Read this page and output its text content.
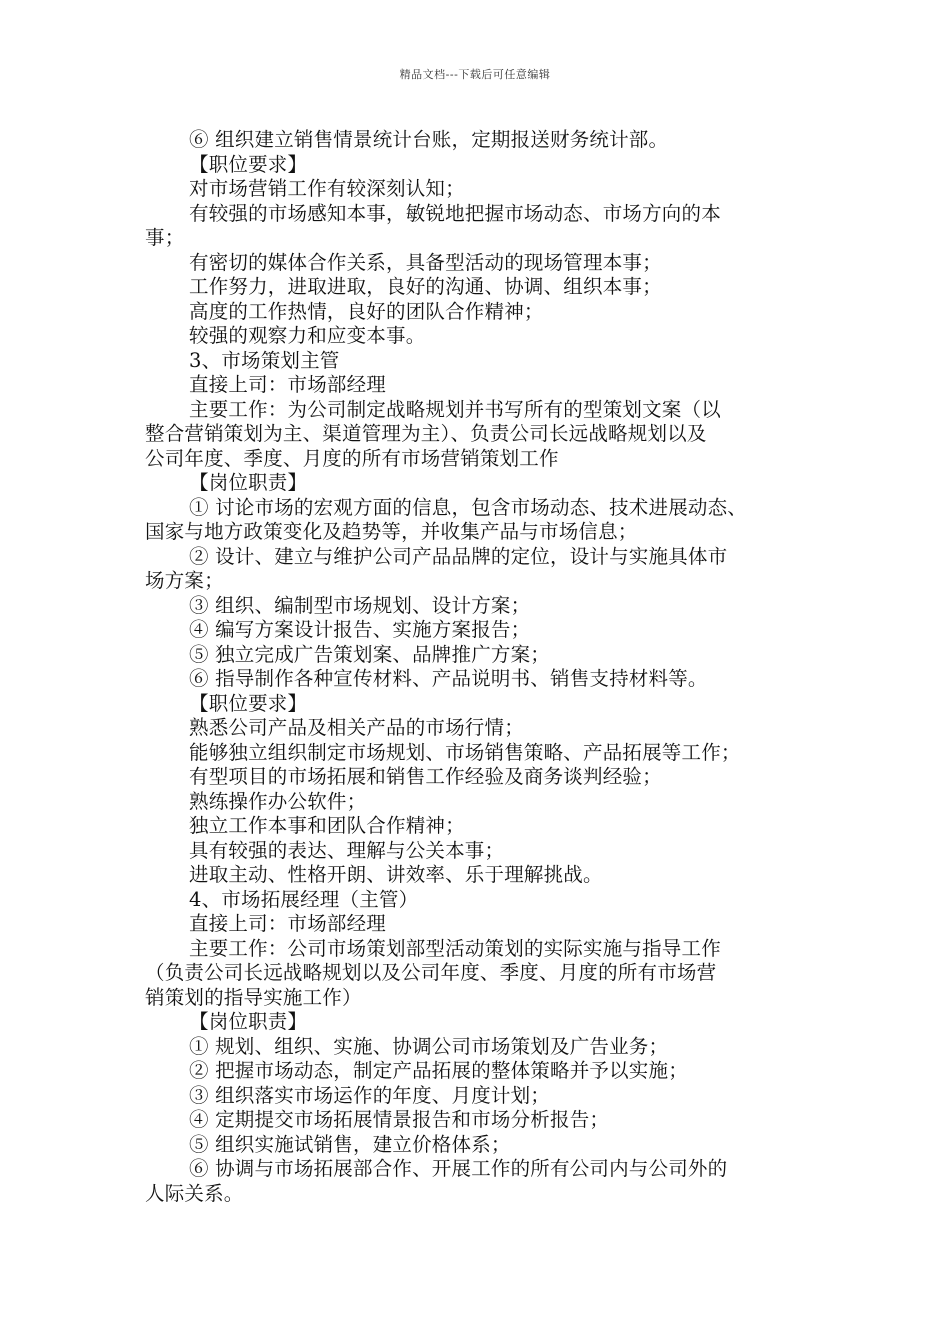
精品文档---下载后可任意编辑
⑥ 组织建立销售情景统计台账，定期报送财务统计部。
【职位要求】
对市场营销工作有较深刻认知；
有较强的市场感知本事，敏锐地把握市场动态、市场方向的本
事；
有密切的媒体合作关系，具备型活动的现场管理本事；
工作努力，进取进取，良好的沟通、协调、组织本事；
高度的工作热情，良好的团队合作精神；
较强的观察力和应变本事。
3、市场策划主管
直接上司：市场部经理
主要工作：为公司制定战略规划并书写所有的型策划文案（以
整合营销策划为主、渠道管理为主）、负责公司长远战略规划以及
公司年度、季度、月度的所有市场营销策划工作
【岗位职责】
① 讨论市场的宏观方面的信息，包含市场动态、技术进展动态、
国家与地方政策变化及趋势等，并收集产品与市场信息；
② 设计、建立与维护公司产品品牌的定位，设计与实施具体市
场方案；
③ 组织、编制型市场规划、设计方案；
④ 编写方案设计报告、实施方案报告；
⑤ 独立完成广告策划案、品牌推广方案；
⑥ 指导制作各种宣传材料、产品说明书、销售支持材料等。
【职位要求】
熟悉公司产品及相关产品的市场行情；
能够独立组织制定市场规划、市场销售策略、产品拓展等工作；
有型项目的市场拓展和销售工作经验及商务谈判经验；
熟练操作办公软件；
独立工作本事和团队合作精神；
具有较强的表达、理解与公关本事；
进取主动、性格开朗、讲效率、乐于理解挑战。
4、市场拓展经理（主管）
直接上司：市场部经理
主要工作：公司市场策划部型活动策划的实际实施与指导工作
（负责公司长远战略规划以及公司年度、季度、月度的所有市场营
销策划的指导实施工作）
【岗位职责】
① 规划、组织、实施、协调公司市场策划及广告业务；
② 把握市场动态，制定产品拓展的整体策略并予以实施；
③ 组织落实市场运作的年度、月度计划；
④ 定期提交市场拓展情景报告和市场分析报告；
⑤ 组织实施试销售，建立价格体系；
⑥ 协调与市场拓展部合作、开展工作的所有公司内与公司外的
人际关系。
